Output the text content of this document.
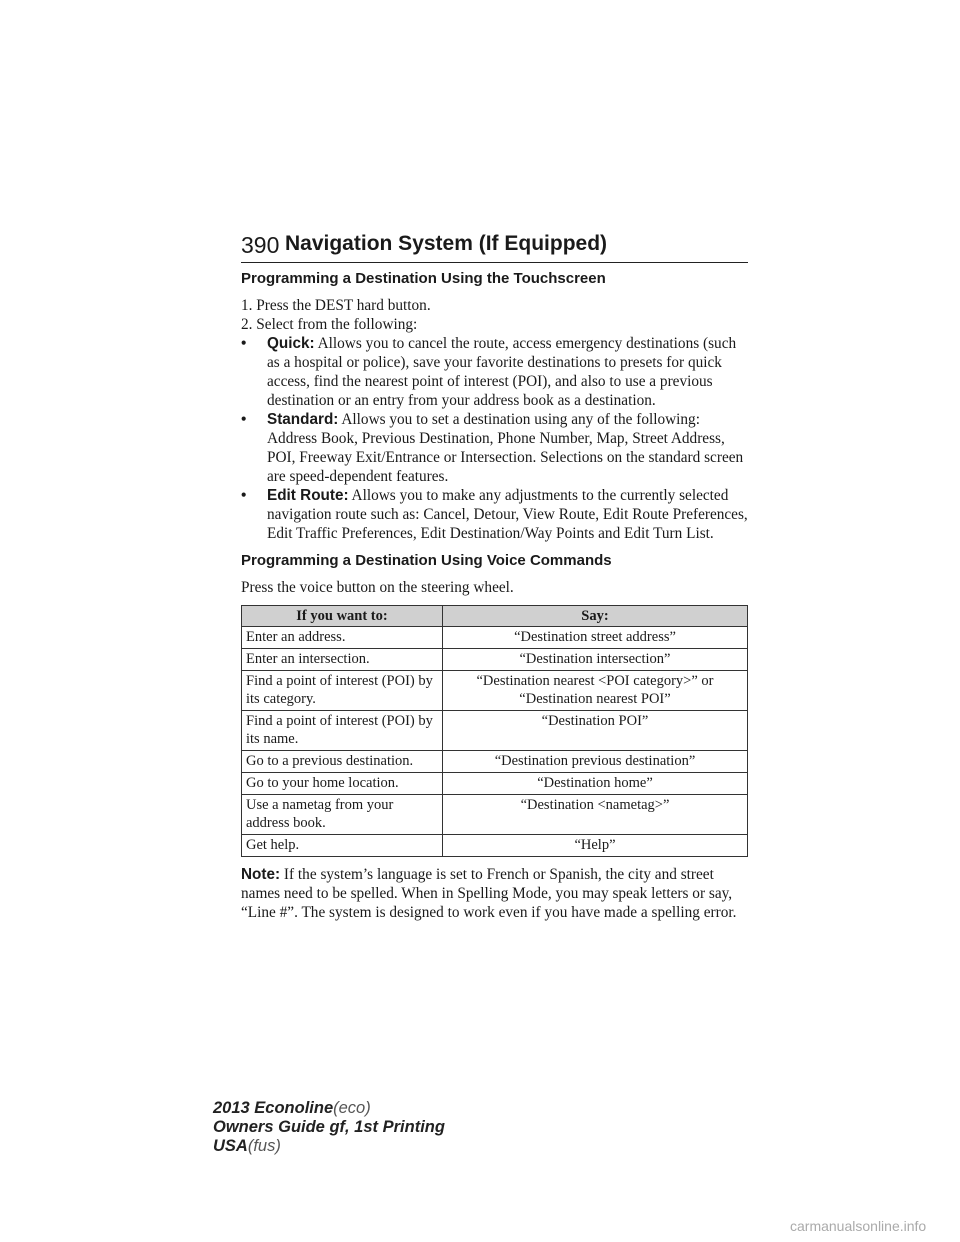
390 Navigation System (If Equipped)
Programming a Destination Using the Touchscreen

1. Press the DEST hard button.

2. Select from the following:

• Quick: Allows you to cancel the route, access emergency destinations (such as a hospital or police), save your favorite destinations to presets for quick access, find the nearest point of interest (POI), and also to use a previous destination or an entry from your address book as a destination.
• Standard: Allows you to set a destination using any of the following: Address Book, Previous Destination, Phone Number, Map, Street Address, POI, Freeway Exit/Entrance or Intersection. Selections on the standard screen are speed-dependent features.
• Edit Route: Allows you to make any adjustments to the currently selected navigation route such as: Cancel, Detour, View Route, Edit Route Preferences, Edit Traffic Preferences, Edit Destination/Way Points and Edit Turn List.
Programming a Destination Using Voice Commands

Press the voice button on the steering wheel.

If you want to:	Say:
Enter an address.	“Destination street address”
Enter an intersection.	“Destination intersection”
Find a point of interest (POI) by its category.	“Destination nearest <POI category>” or “Destination nearest POI”
Find a point of interest (POI) by its name.	“Destination POI”
Go to a previous destination.	“Destination previous destination”
Go to your home location.	“Destination home”
Use a nametag from your address book.	“Destination <nametag>”
Get help.	“Help”

Note: If the system’s language is set to French or Spanish, the city and street names need to be spelled. When in Spelling Mode, you may speak letters or say, “Line #”. The system is designed to work even if you have made a spelling error.

2013 Econoline(eco)
Owners Guide gf, 1st Printing
USA(fus)
carmanualsonline.info
